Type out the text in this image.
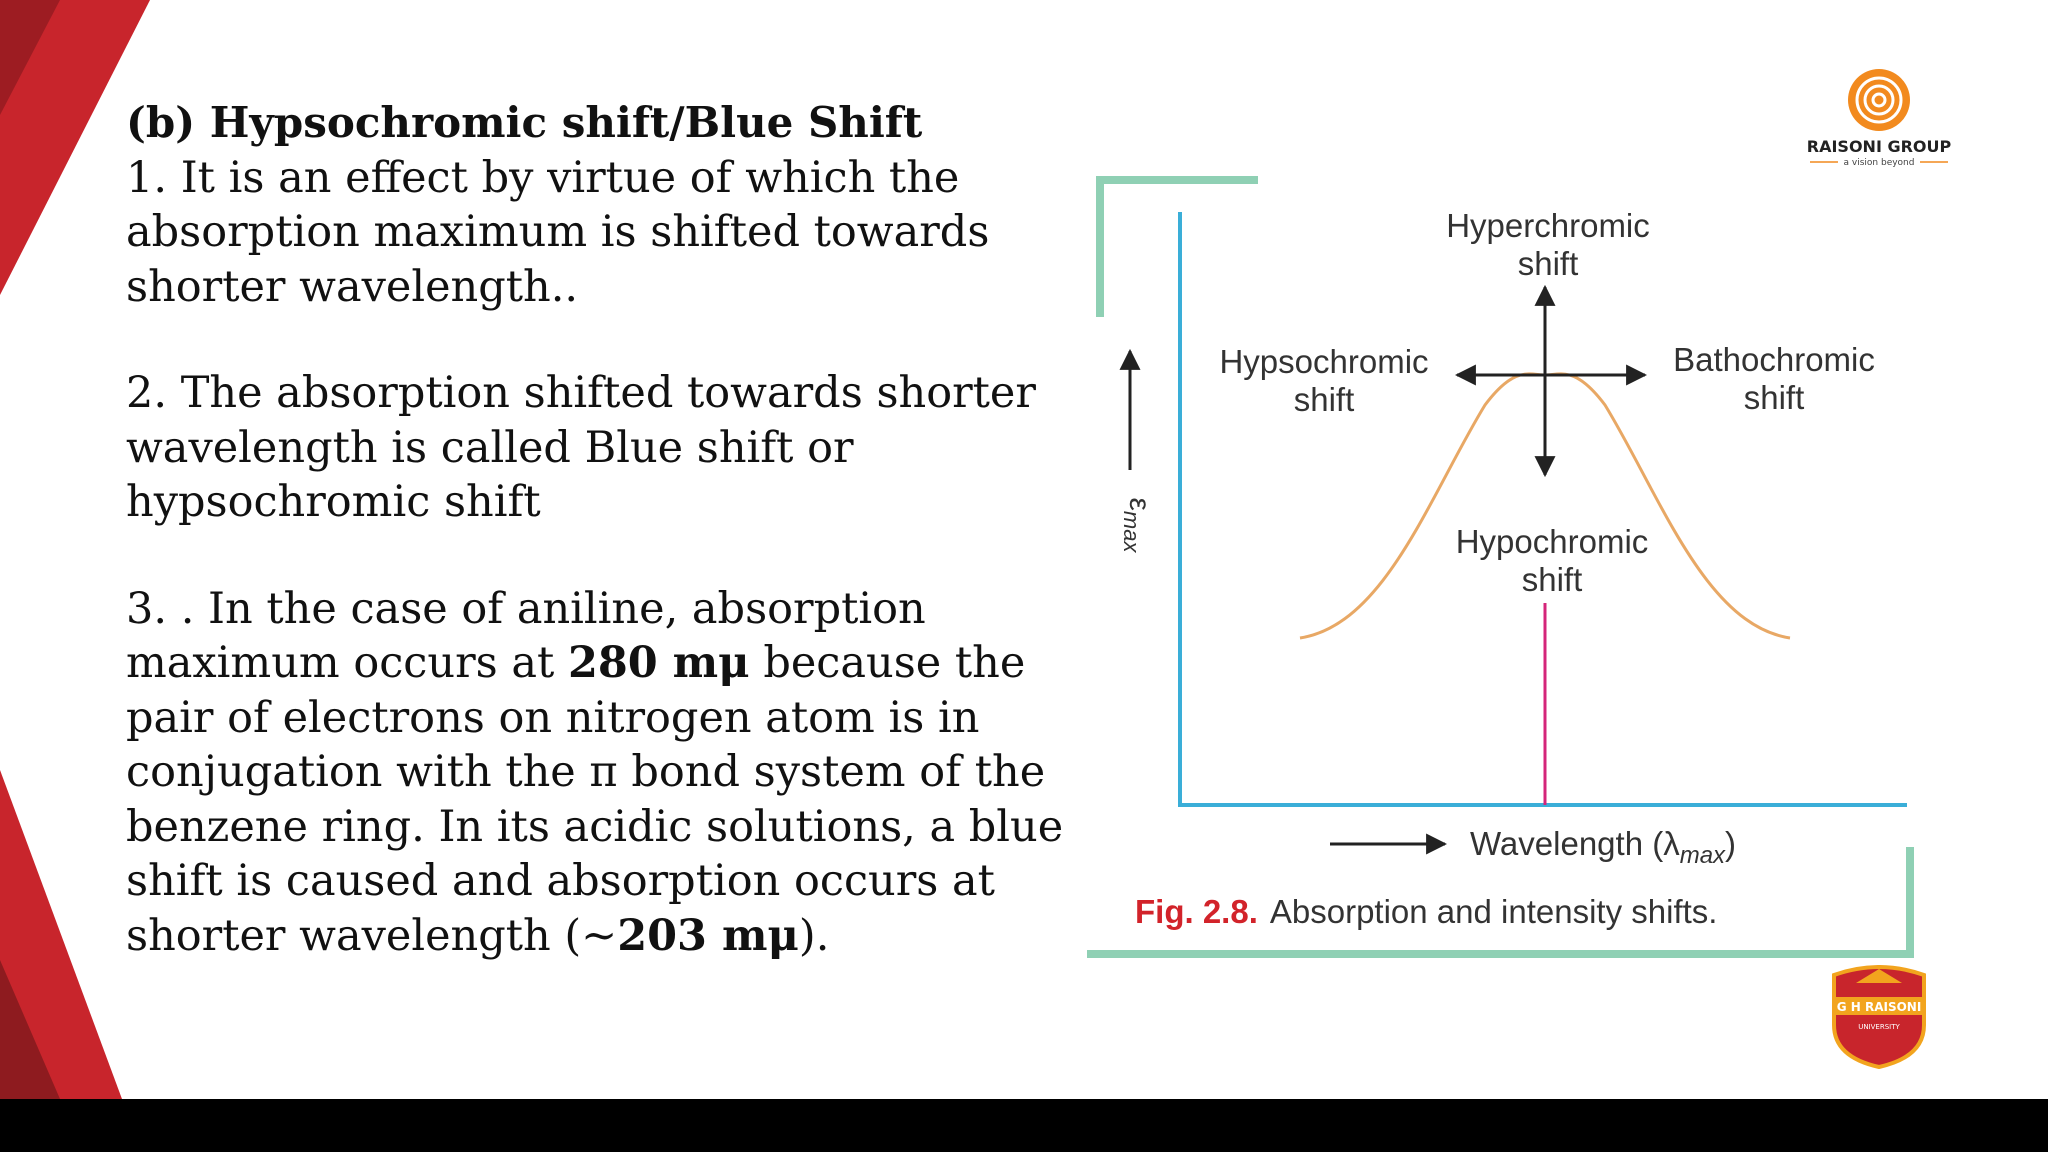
(b) Hypsochromic shift/Blue Shift

1. It is an effect by virtue of which the

absorption maximum is shifted towards

shorter wavelength..

2. The absorption shifted towards shorter

wavelength is called Blue shift or

hypsochromic shift

3. . In the case of aniline, absorption

maximum occurs at 280 mμ because the

pair of electrons on nitrogen atom is in

conjugation with the π bond system of the

benzene ring. In its acidic solutions, a blue

shift is caused and absorption occurs at

shorter wavelength (~203 mμ).

Hyperchromic
shift
Hypsochromic
shift
Bathochromic
shift
Hypochromic
shift
$\varepsilon_{max}$
Wavelength $(\lambda_{max})$
Fig. 2.8. Absorption and intensity shifts.
RAISONI GROUP
a vision beyond
G H RAISONI
UNIVERSITY
